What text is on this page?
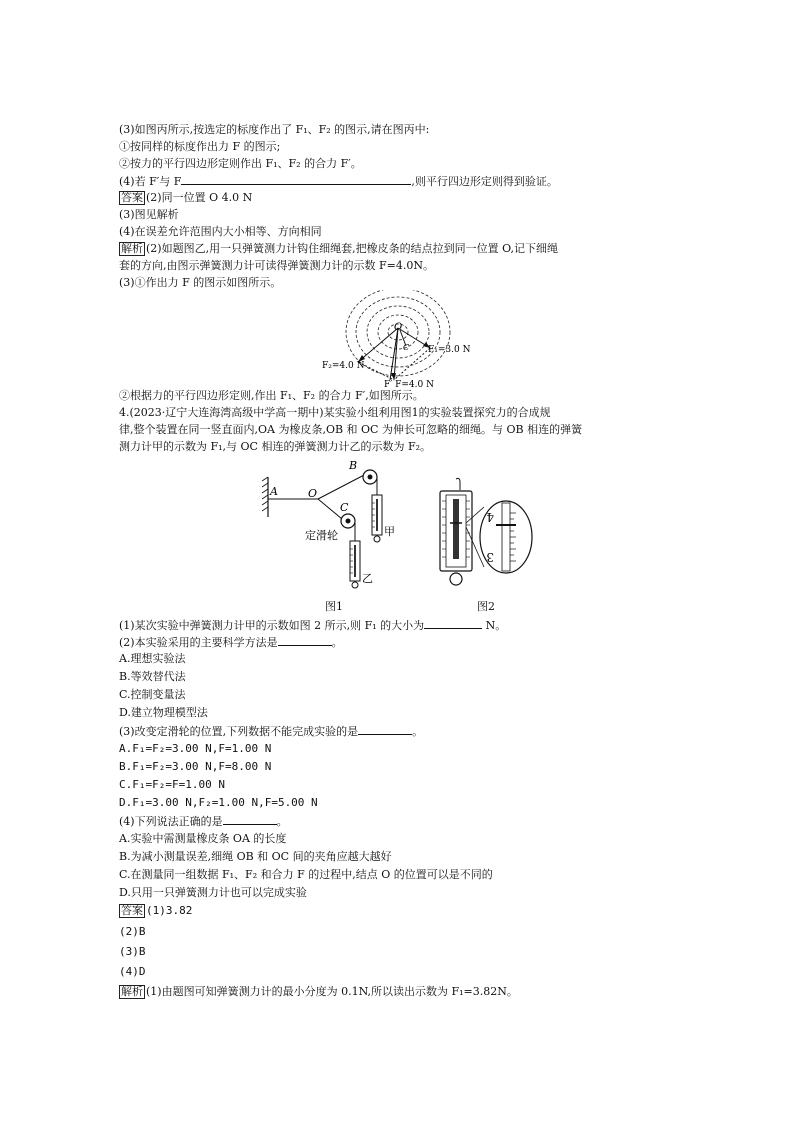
(3)如图丙所示,按选定的标度作出了 F₁、F₂ 的图示,请在图丙中:
①按同样的标度作出力 F 的图示;
②按力的平行四边形定则作出 F₁、F₂ 的合力 F′。
(4)若 F′与 F	,则平行四边形定则得到验证。
答案 (2)同一位置 O 4.0 N
(3)图见解析
(4)在误差允许范围内大小相等、方向相同
解析 (2)如题图乙,用一只弹簧测力计钩住细绳套,把橡皮条的结点拉到同一位置 O,记下细绳
套的方向,由图示弹簧测力计可读得弹簧测力计的示数 F=4.0N。
(3)①作出力 F 的图示如图所示。
O
C F₁=3.0 N
F₂=4.0 N
F′ F=4.0 N
②根据力的平行四边形定则,作出 F₁、F₂ 的合力 F′,如图所示。
4.(2023·辽宁大连海湾高级中学高一期中)某实验小组利用图1的实验装置探究力的合成规
律,整个装置在同一竖直面内,OA 为橡皮条,OB 和 OC 为伸长可忽略的细绳。与 OB 相连的弹簧
测力计甲的示数为 F₁,与 OC 相连的弹簧测力计乙的示数为 F₂。
A	O
B
C
定滑轮	甲
乙
4
3
图1	图2
(1)某次实验中弹簧测力计甲的示数如图 2 所示,则 F₁ 的大小为	N。
(2)本实验采用的主要科学方法是	。
A.理想实验法
B.等效替代法
C.控制变量法
D.建立物理模型法
(3)改变定滑轮的位置,下列数据不能完成实验的是	。
A.F₁=F₂=3.00 N,F=1.00 N
B.F₁=F₂=3.00 N,F=8.00 N
C.F₁=F₂=F=1.00 N
D.F₁=3.00 N,F₂=1.00 N,F=5.00 N
(4)下列说法正确的是	。
A.实验中需测量橡皮条 OA 的长度
B.为减小测量误差,细绳 OB 和 OC 间的夹角应越大越好
C.在测量同一组数据 F₁、F₂ 和合力 F 的过程中,结点 O 的位置可以是不同的
D.只用一只弹簧测力计也可以完成实验
答案 (1)3.82
(2)B
(3)B
(4)D
解析 (1)由题图可知弹簧测力计的最小分度为 0.1N,所以读出示数为 F₁=3.82N。
